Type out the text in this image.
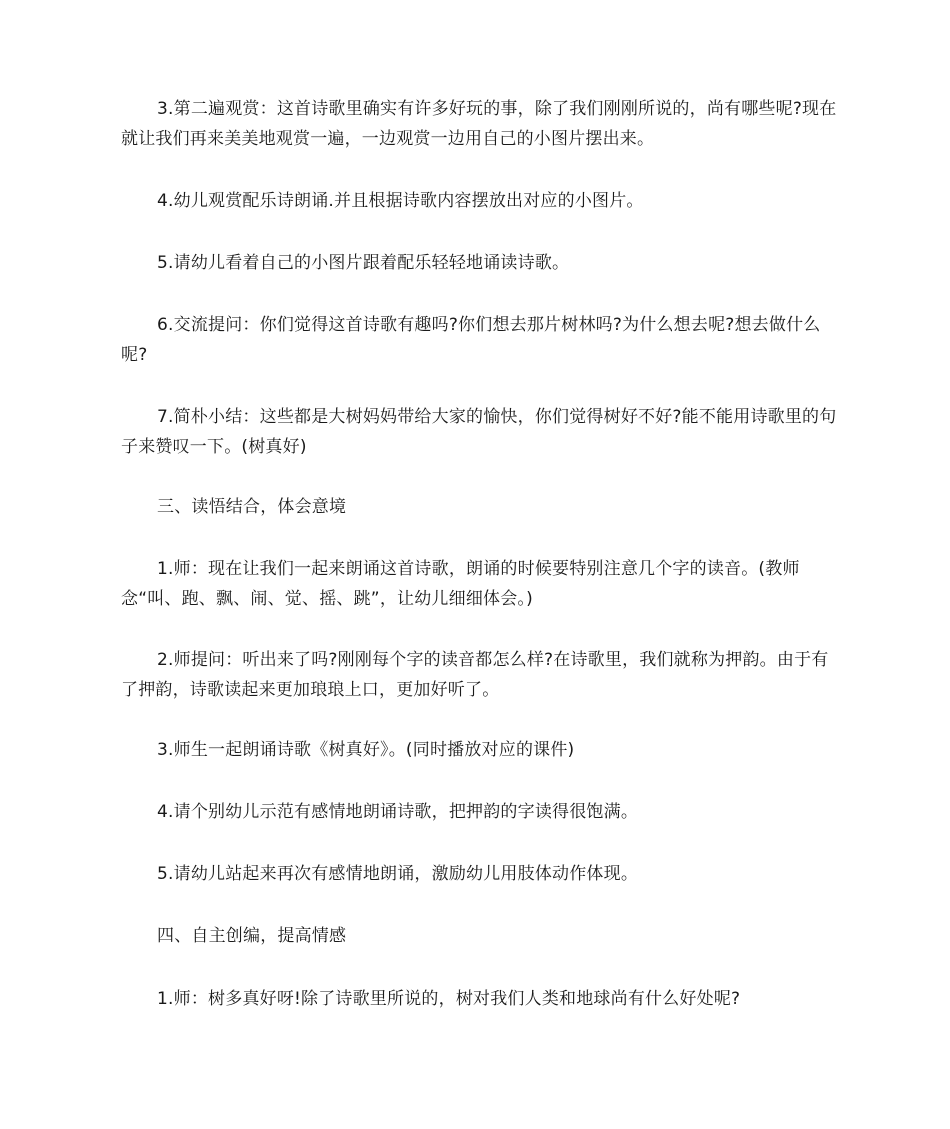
3.第二遍观赏：这首诗歌里确实有许多好玩的事，除了我们刚刚所说的，尚有哪些呢?现在就让我们再来美美地观赏一遍，一边观赏一边用自己的小图片摆出来。

4.幼儿观赏配乐诗朗诵.并且根据诗歌内容摆放出对应的小图片。

5.请幼儿看着自己的小图片跟着配乐轻轻地诵读诗歌。

6.交流提问：你们觉得这首诗歌有趣吗?你们想去那片树林吗?为什么想去呢?想去做什么呢?

7.简朴小结：这些都是大树妈妈带给大家的愉快，你们觉得树好不好?能不能用诗歌里的句子来赞叹一下。(树真好)

三、读悟结合，体会意境

1.师：现在让我们一起来朗诵这首诗歌，朗诵的时候要特别注意几个字的读音。(教师念“叫、跑、飘、闹、觉、摇、跳”，让幼儿细细体会。)

2.师提问：听出来了吗?刚刚每个字的读音都怎么样?在诗歌里，我们就称为押韵。由于有了押韵，诗歌读起来更加琅琅上口，更加好听了。

3.师生一起朗诵诗歌《树真好》。(同时播放对应的课件)

4.请个别幼儿示范有感情地朗诵诗歌，把押韵的字读得很饱满。

5.请幼儿站起来再次有感情地朗诵，激励幼儿用肢体动作体现。

四、自主创编，提高情感

1.师：树多真好呀!除了诗歌里所说的，树对我们人类和地球尚有什么好处呢?
